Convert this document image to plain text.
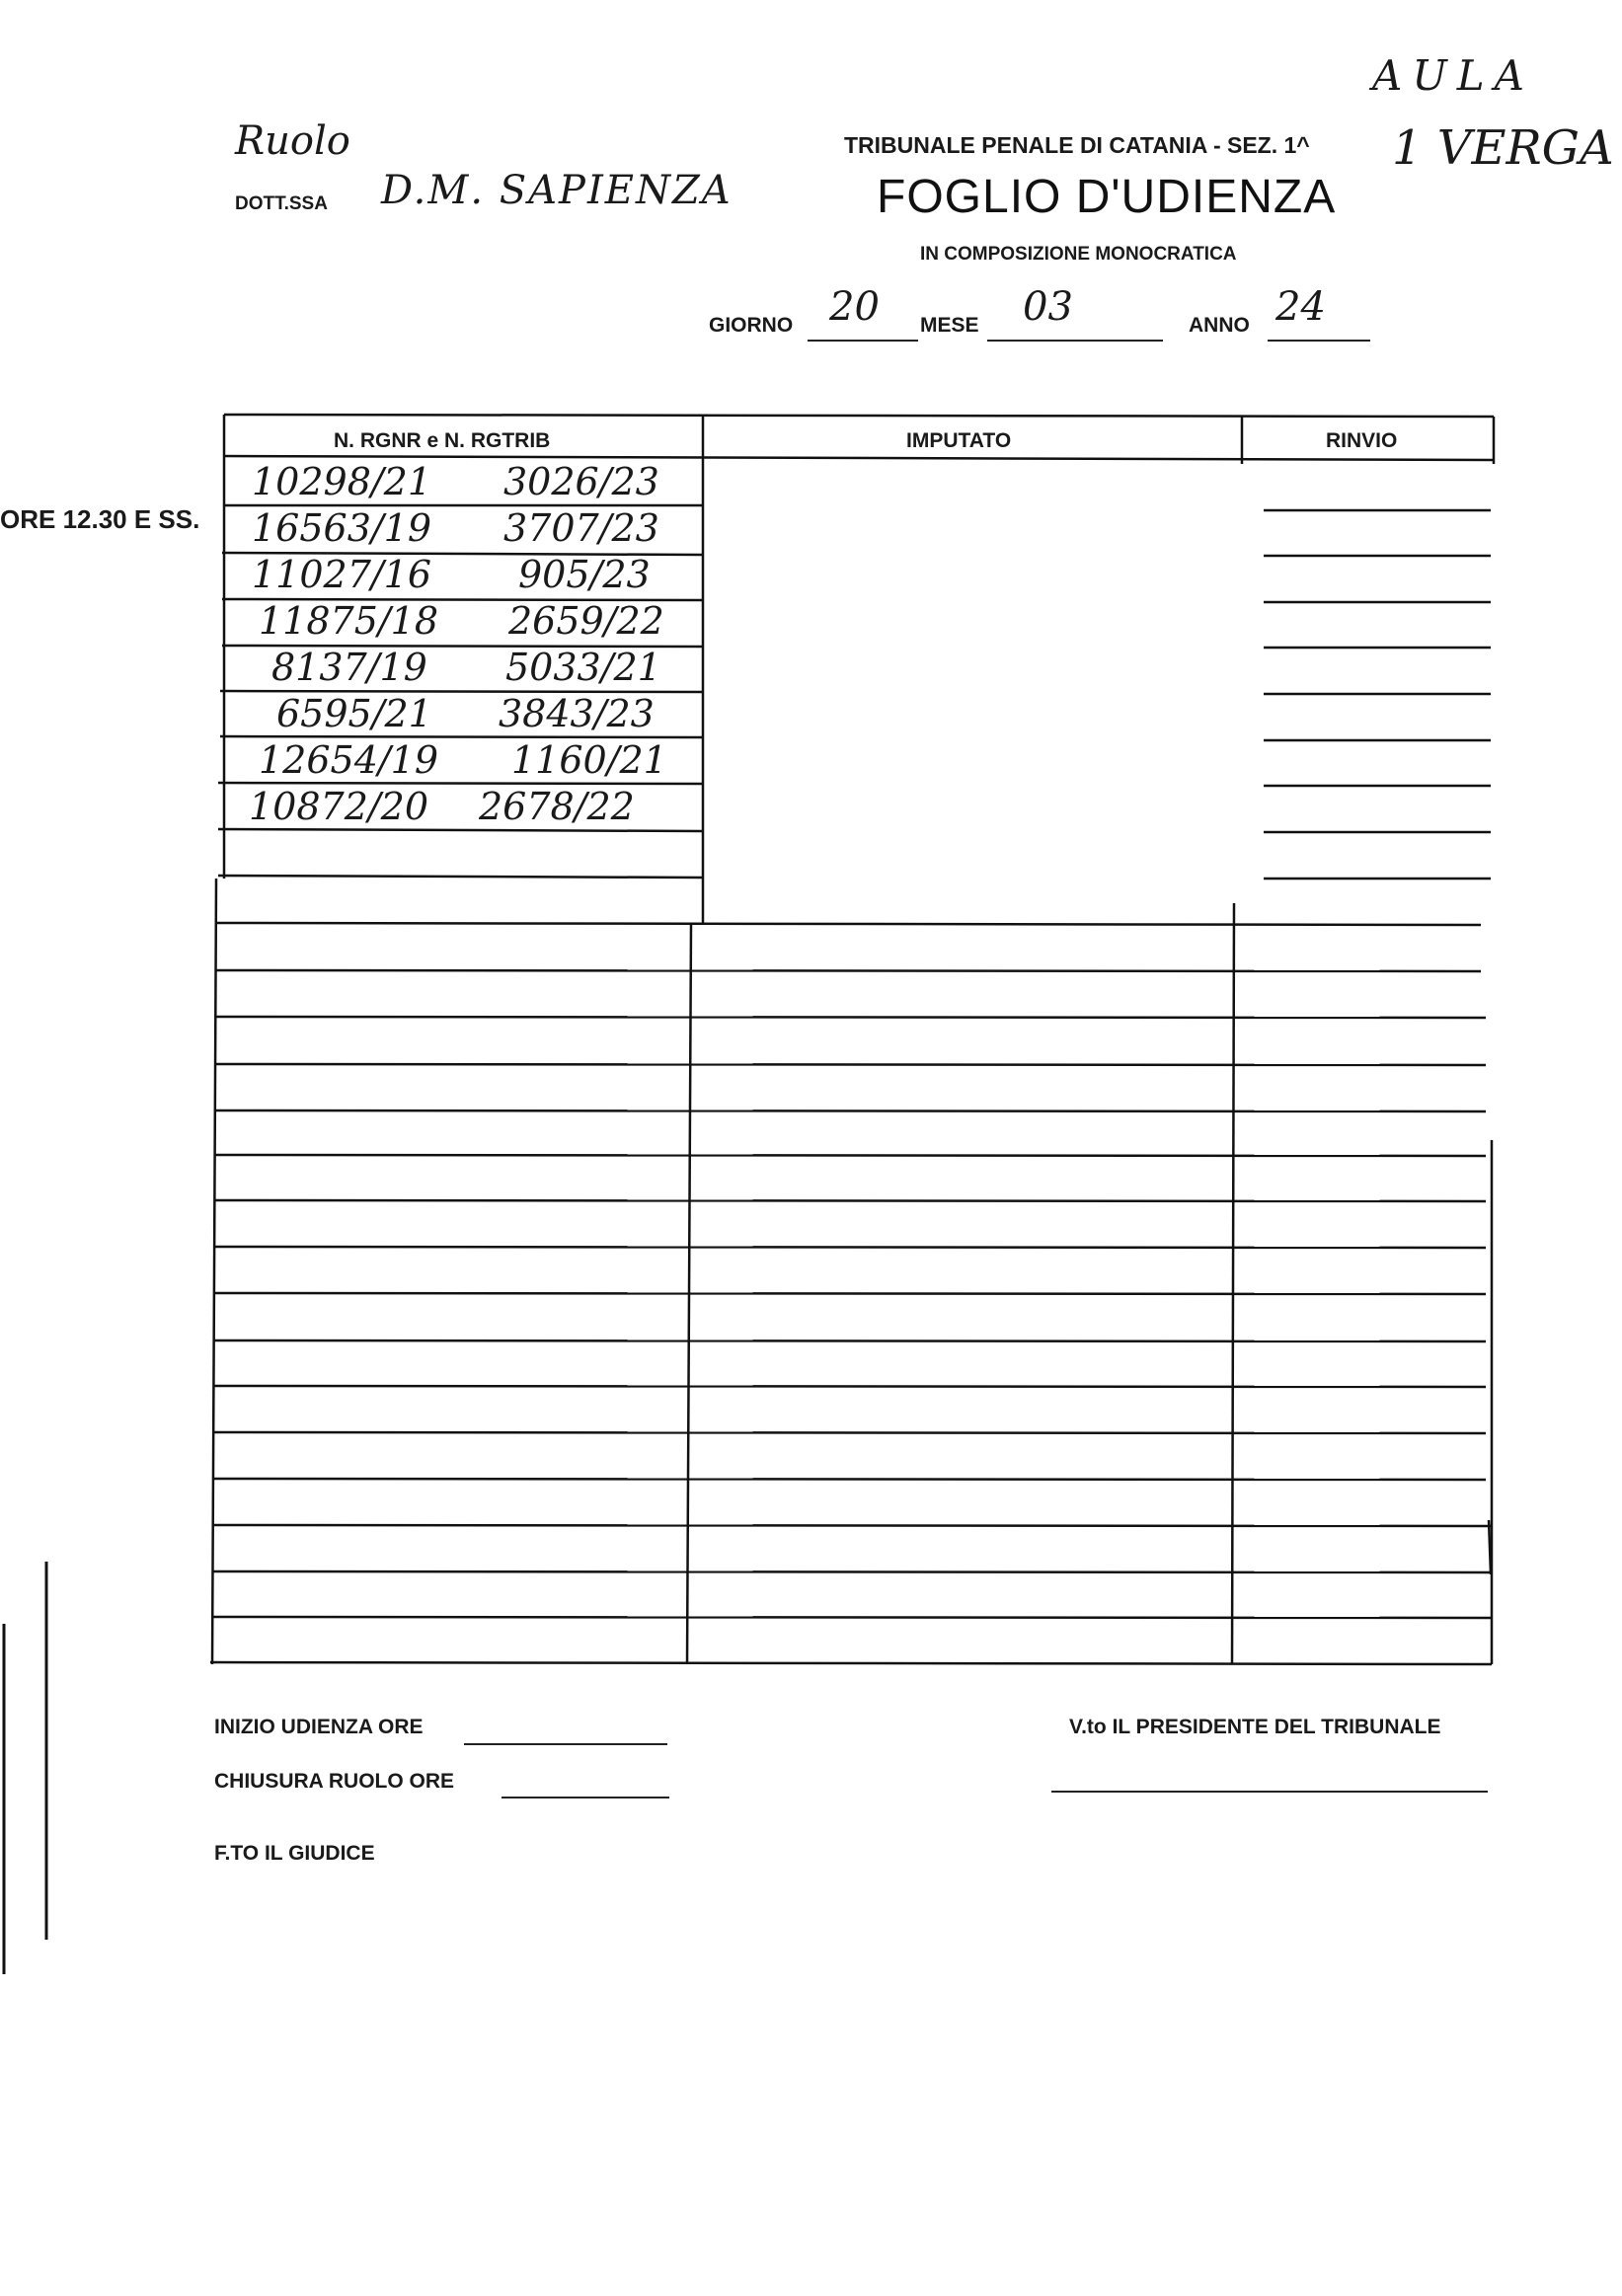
Ruolo
DOTT.SSA D.M. SAPIENZA
AULA
1 VERGA
TRIBUNALE PENALE DI CATANIA - SEZ. 1^
FOGLIO D'UDIENZA
IN COMPOSIZIONE MONOCRATICA
GIORNO 20 MESE 03	ANNO 24
ORE 12.30 E SS.
N. RGNR e N. RGTRIB	IMPUTATO	RINVIO
10298/21 3026/23
16563/19 3707/23
11027/16 905/23
11875/18 2659/22
8137/19 5033/21
6595/21 3843/23
12654/19 1160/21
10872/20 2678/22
INIZIO UDIENZA ORE
CHIUSURA RUOLO ORE
F.TO IL GIUDICE
V.to IL PRESIDENTE DEL TRIBUNALE
